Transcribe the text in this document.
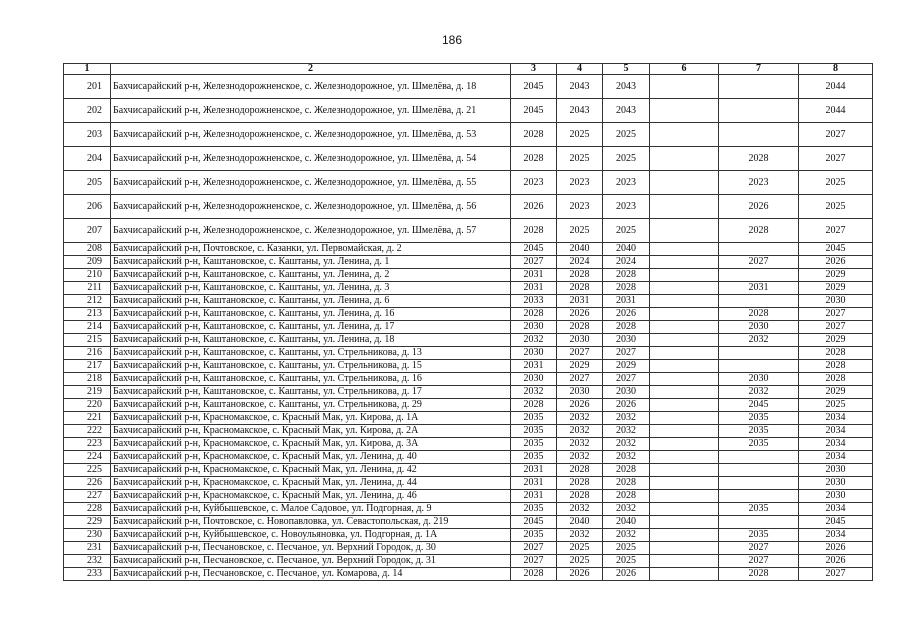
186
1	2	3	4	5	6	7	8
201	Бахчисарайский р-н, Железнодорожненское, с. Железнодорожное, ул. Шмелёва, д. 18	2045	2043	2043			2044
202	Бахчисарайский р-н, Железнодорожненское, с. Железнодорожное, ул. Шмелёва, д. 21	2045	2043	2043			2044
203	Бахчисарайский р-н, Железнодорожненское, с. Железнодорожное, ул. Шмелёва, д. 53	2028	2025	2025			2027
204	Бахчисарайский р-н, Железнодорожненское, с. Железнодорожное, ул. Шмелёва, д. 54	2028	2025	2025		2028	2027
205	Бахчисарайский р-н, Железнодорожненское, с. Железнодорожное, ул. Шмелёва, д. 55	2023	2023	2023		2023	2025
206	Бахчисарайский р-н, Железнодорожненское, с. Железнодорожное, ул. Шмелёва, д. 56	2026	2023	2023		2026	2025
207	Бахчисарайский р-н, Железнодорожненское, с. Железнодорожное, ул. Шмелёва, д. 57	2028	2025	2025		2028	2027
208	Бахчисарайский р-н, Почтовское, с. Казанки, ул. Первомайская, д. 2	2045	2040	2040			2045
209	Бахчисарайский р-н, Каштановское, с. Каштаны, ул. Ленина, д. 1	2027	2024	2024		2027	2026
210	Бахчисарайский р-н, Каштановское, с. Каштаны, ул. Ленина, д. 2	2031	2028	2028			2029
211	Бахчисарайский р-н, Каштановское, с. Каштаны, ул. Ленина, д. 3	2031	2028	2028		2031	2029
212	Бахчисарайский р-н, Каштановское, с. Каштаны, ул. Ленина, д. 6	2033	2031	2031			2030
213	Бахчисарайский р-н, Каштановское, с. Каштаны, ул. Ленина, д. 16	2028	2026	2026		2028	2027
214	Бахчисарайский р-н, Каштановское, с. Каштаны, ул. Ленина, д. 17	2030	2028	2028		2030	2027
215	Бахчисарайский р-н, Каштановское, с. Каштаны, ул. Ленина, д. 18	2032	2030	2030		2032	2029
216	Бахчисарайский р-н, Каштановское, с. Каштаны, ул. Стрельникова, д. 13	2030	2027	2027			2028
217	Бахчисарайский р-н, Каштановское, с. Каштаны, ул. Стрельникова, д. 15	2031	2029	2029			2028
218	Бахчисарайский р-н, Каштановское, с. Каштаны, ул. Стрельникова, д. 16	2030	2027	2027		2030	2028
219	Бахчисарайский р-н, Каштановское, с. Каштаны, ул. Стрельникова, д. 17	2032	2030	2030		2032	2029
220	Бахчисарайский р-н, Каштановское, с. Каштаны, ул. Стрельникова, д. 29	2028	2026	2026		2045	2025
221	Бахчисарайский р-н, Красномакское, с. Красный Мак, ул. Кирова, д. 1А	2035	2032	2032		2035	2034
222	Бахчисарайский р-н, Красномакское, с. Красный Мак, ул. Кирова, д. 2А	2035	2032	2032		2035	2034
223	Бахчисарайский р-н, Красномакское, с. Красный Мак, ул. Кирова, д. 3А	2035	2032	2032		2035	2034
224	Бахчисарайский р-н, Красномакское, с. Красный Мак, ул. Ленина, д. 40	2035	2032	2032			2034
225	Бахчисарайский р-н, Красномакское, с. Красный Мак, ул. Ленина, д. 42	2031	2028	2028			2030
226	Бахчисарайский р-н, Красномакское, с. Красный Мак, ул. Ленина, д. 44	2031	2028	2028			2030
227	Бахчисарайский р-н, Красномакское, с. Красный Мак, ул. Ленина, д. 46	2031	2028	2028			2030
228	Бахчисарайский р-н, Куйбышевское, с. Малое Садовое, ул. Подгорная, д. 9	2035	2032	2032		2035	2034
229	Бахчисарайский р-н, Почтовское, с. Новопавловка, ул. Севастопольская, д. 219	2045	2040	2040			2045
230	Бахчисарайский р-н, Куйбышевское, с. Новоульяновка, ул. Подгорная, д. 1А	2035	2032	2032		2035	2034
231	Бахчисарайский р-н, Песчановское, с. Песчаное, ул. Верхний Городок, д. 30	2027	2025	2025		2027	2026
232	Бахчисарайский р-н, Песчановское, с. Песчаное, ул. Верхний Городок, д. 31	2027	2025	2025		2027	2026
233	Бахчисарайский р-н, Песчановское, с. Песчаное, ул. Комарова, д. 14	2028	2026	2026		2028	2027
